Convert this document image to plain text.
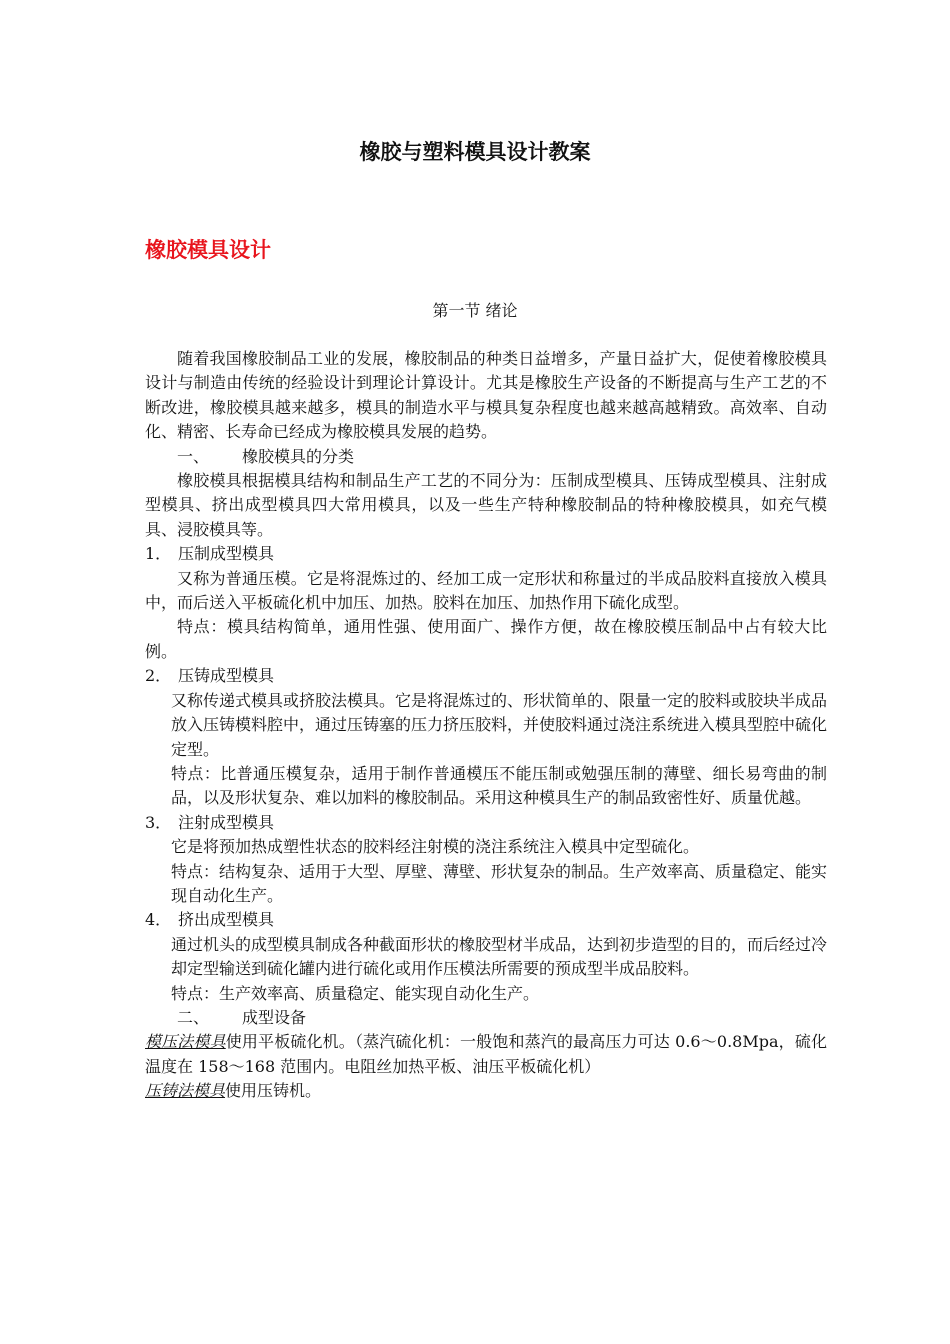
橡胶与塑料模具设计教案
橡胶模具设计
第一节 绪论

随着我国橡胶制品工业的发展，橡胶制品的种类日益增多，产量日益扩大，促使着橡胶模具设计与制造由传统的经验设计到理论计算设计。尤其是橡胶生产设备的不断提高与生产工艺的不断改进，橡胶模具越来越多，模具的制造水平与模具复杂程度也越来越高越精致。高效率、自动化、精密、长寿命已经成为橡胶模具发展的趋势。

一、	橡胶模具的分类

橡胶模具根据模具结构和制品生产工艺的不同分为：压制成型模具、压铸成型模具、注射成型模具、挤出成型模具四大常用模具，以及一些生产特种橡胶制品的特种橡胶模具，如充气模具、浸胶模具等。

1． 压制成型模具

又称为普通压模。它是将混炼过的、经加工成一定形状和称量过的半成品胶料直接放入模具中，而后送入平板硫化机中加压、加热。胶料在加压、加热作用下硫化成型。

特点：模具结构简单，通用性强、使用面广、操作方便，故在橡胶模压制品中占有较大比例。

2． 压铸成型模具

又称传递式模具或挤胶法模具。它是将混炼过的、形状简单的、限量一定的胶料或胶块半成品放入压铸模料腔中，通过压铸塞的压力挤压胶料，并使胶料通过浇注系统进入模具型腔中硫化定型。

特点：比普通压模复杂，适用于制作普通模压不能压制或勉强压制的薄壁、细长易弯曲的制品，以及形状复杂、难以加料的橡胶制品。采用这种模具生产的制品致密性好、质量优越。

3． 注射成型模具

它是将预加热成塑性状态的胶料经注射模的浇注系统注入模具中定型硫化。

特点：结构复杂、适用于大型、厚壁、薄壁、形状复杂的制品。生产效率高、质量稳定、能实现自动化生产。

4． 挤出成型模具

通过机头的成型模具制成各种截面形状的橡胶型材半成品，达到初步造型的目的，而后经过冷却定型输送到硫化罐内进行硫化或用作压模法所需要的预成型半成品胶料。

特点：生产效率高、质量稳定、能实现自动化生产。

二、	成型设备

模压法模具使用平板硫化机。（蒸汽硫化机：一般饱和蒸汽的最高压力可达 0.6～0.8Mpa，硫化温度在 158～168 范围内。电阻丝加热平板、油压平板硫化机）

压铸法模具使用压铸机。
